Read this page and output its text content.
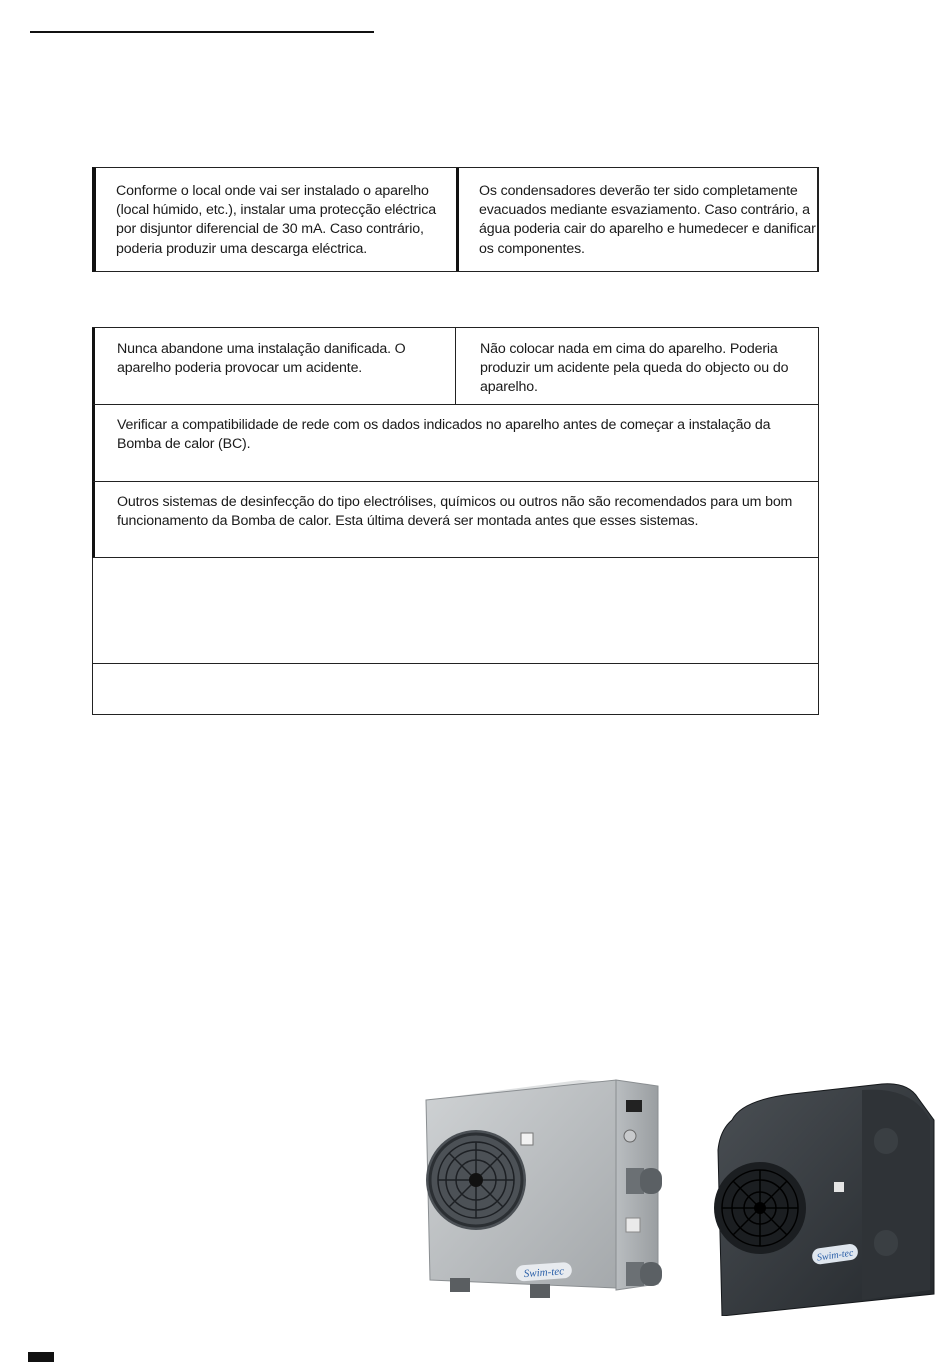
Conforme o local onde vai ser instalado o aparelho (local húmido, etc.), instalar uma protecção eléctrica por disjuntor diferencial de 30 mA. Caso contrário, poderia produzir uma descarga eléctrica.
Os condensadores deverão ter sido completamente evacuados mediante esvaziamento. Caso contrário, a água poderia cair do aparelho e humedecer e danificar os componentes.
Nunca abandone uma instalação danificada. O aparelho poderia provocar um acidente.
Não colocar nada em cima do aparelho. Poderia produzir um acidente pela queda do objecto ou do aparelho.
Verificar a compatibilidade de rede com os dados indicados no aparelho antes de começar a instalação da Bomba de calor (BC).
Outros sistemas de desinfecção do tipo electrólises, químicos ou outros não são recomendados para um bom funcionamento da Bomba de calor. Esta última deverá ser montada antes que esses sistemas.
Swim-tec
Swim-tec
